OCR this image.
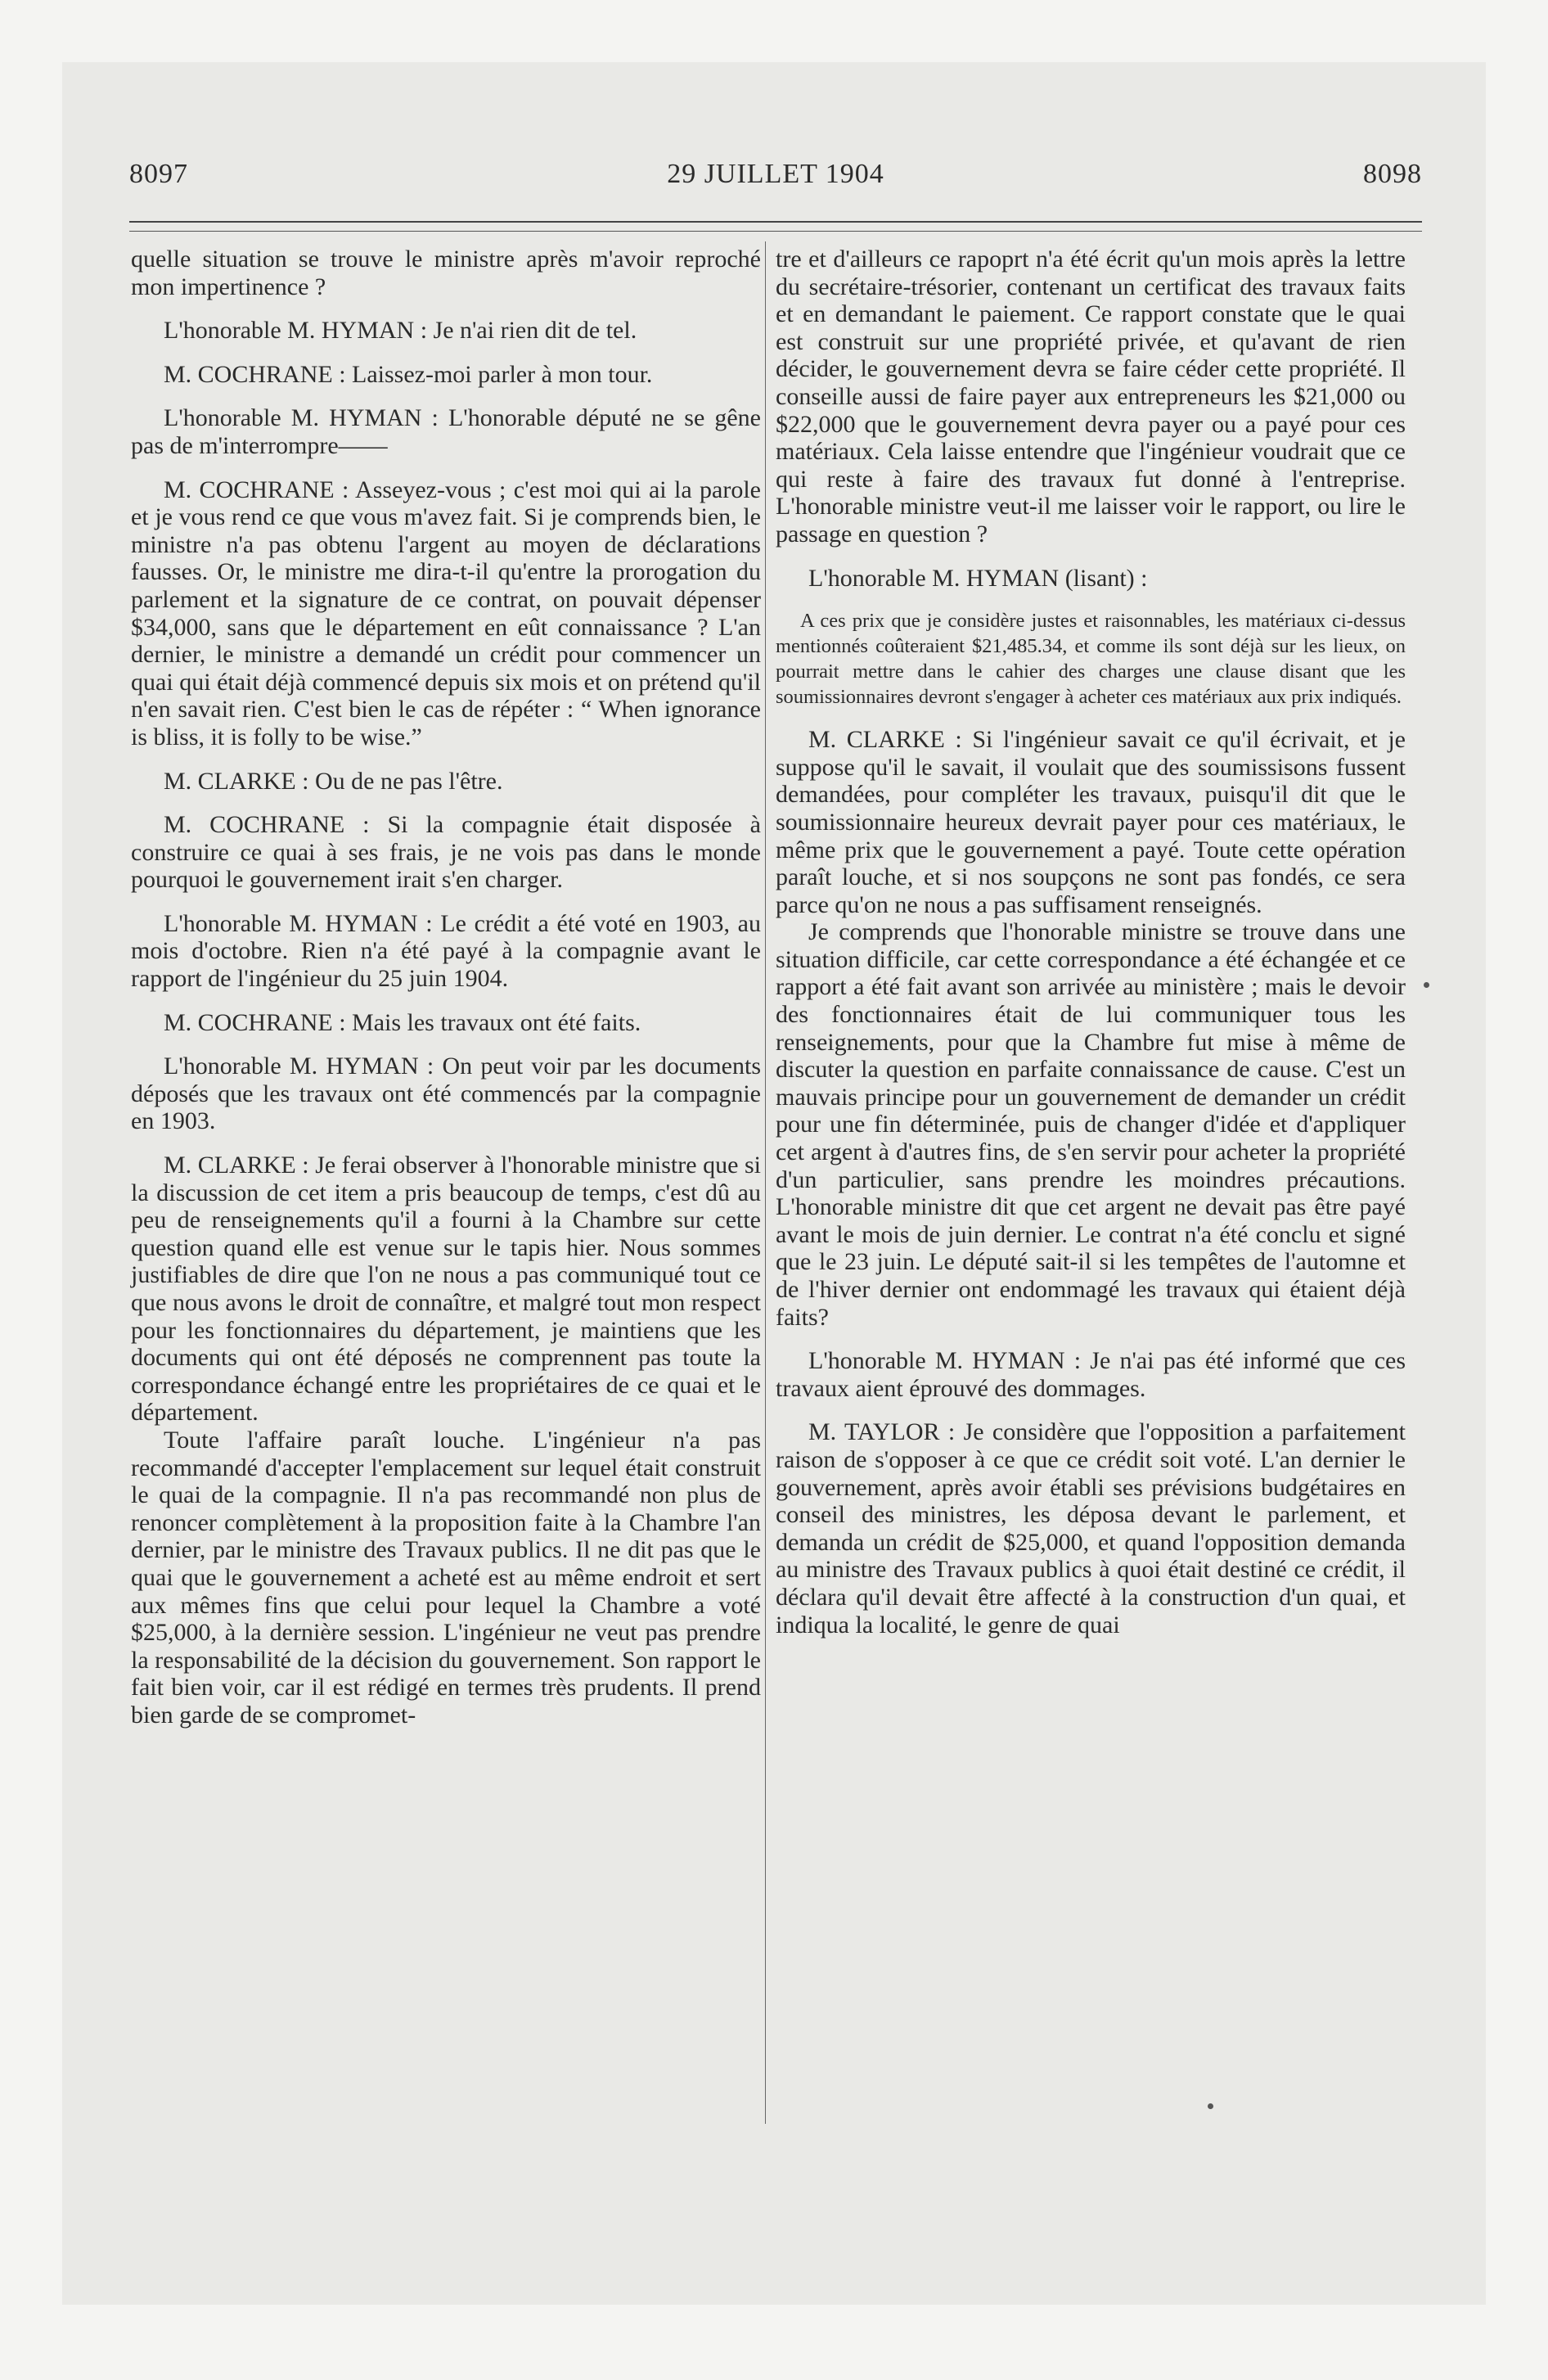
8097	29 JUILLET 1904	8098

quelle situation se trouve le ministre après m'avoir reproché mon impertinence ?

L'honorable M. HYMAN : Je n'ai rien dit de tel.

M. COCHRANE : Laissez-moi parler à mon tour.

L'honorable M. HYMAN : L'honorable député ne se gêne pas de m'interrompre——

M. COCHRANE : Asseyez-vous ; c'est moi qui ai la parole et je vous rend ce que vous m'avez fait. Si je comprends bien, le ministre n'a pas obtenu l'argent au moyen de déclarations fausses. Or, le ministre me dira-t-il qu'entre la prorogation du parlement et la signature de ce contrat, on pouvait dépenser $34,000, sans que le département en eût connaissance ? L'an dernier, le ministre a demandé un crédit pour commencer un quai qui était déjà commencé depuis six mois et on prétend qu'il n'en savait rien. C'est bien le cas de répéter : “ When ignorance is bliss, it is folly to be wise.”

M. CLARKE : Ou de ne pas l'être.

M. COCHRANE : Si la compagnie était disposée à construire ce quai à ses frais, je ne vois pas dans le monde pourquoi le gouvernement irait s'en charger.

L'honorable M. HYMAN : Le crédit a été voté en 1903, au mois d'octobre. Rien n'a été payé à la compagnie avant le rapport de l'ingénieur du 25 juin 1904.

M. COCHRANE : Mais les travaux ont été faits.

L'honorable M. HYMAN : On peut voir par les documents déposés que les travaux ont été commencés par la compagnie en 1903.

M. CLARKE : Je ferai observer à l'honorable ministre que si la discussion de cet item a pris beaucoup de temps, c'est dû au peu de renseignements qu'il a fourni à la Chambre sur cette question quand elle est venue sur le tapis hier. Nous sommes justifiables de dire que l'on ne nous a pas communiqué tout ce que nous avons le droit de connaître, et malgré tout mon respect pour les fonctionnaires du département, je maintiens que les documents qui ont été déposés ne comprennent pas toute la correspondance échangé entre les propriétaires de ce quai et le département.

Toute l'affaire paraît louche. L'ingénieur n'a pas recommandé d'accepter l'emplacement sur lequel était construit le quai de la compagnie. Il n'a pas recommandé non plus de renoncer complètement à la proposition faite à la Chambre l'an dernier, par le ministre des Travaux publics. Il ne dit pas que le quai que le gouvernement a acheté est au même endroit et sert aux mêmes fins que celui pour lequel la Chambre a voté $25,000, à la dernière session. L'ingénieur ne veut pas prendre la responsabilité de la décision du gouvernement. Son rapport le fait bien voir, car il est rédigé en termes très prudents. Il prend bien garde de se compromet-

tre et d'ailleurs ce rapoprt n'a été écrit qu'un mois après la lettre du secrétaire-trésorier, contenant un certificat des travaux faits et en demandant le paiement. Ce rapport constate que le quai est construit sur une propriété privée, et qu'avant de rien décider, le gouvernement devra se faire céder cette propriété. Il conseille aussi de faire payer aux entrepreneurs les $21,000 ou $22,000 que le gouvernement devra payer ou a payé pour ces matériaux. Cela laisse entendre que l'ingénieur voudrait que ce qui reste à faire des travaux fut donné à l'entreprise. L'honorable ministre veut-il me laisser voir le rapport, ou lire le passage en question ?

L'honorable M. HYMAN (lisant) :

A ces prix que je considère justes et raisonnables, les matériaux ci-dessus mentionnés coûteraient $21,485.34, et comme ils sont déjà sur les lieux, on pourrait mettre dans le cahier des charges une clause disant que les soumissionnaires devront s'engager à acheter ces matériaux aux prix indiqués.

M. CLARKE : Si l'ingénieur savait ce qu'il écrivait, et je suppose qu'il le savait, il voulait que des soumissisons fussent demandées, pour compléter les travaux, puisqu'il dit que le soumissionnaire heureux devrait payer pour ces matériaux, le même prix que le gouvernement a payé. Toute cette opération paraît louche, et si nos soupçons ne sont pas fondés, ce sera parce qu'on ne nous a pas suffisament renseignés.

Je comprends que l'honorable ministre se trouve dans une situation difficile, car cette correspondance a été échangée et ce rapport a été fait avant son arrivée au ministère ; mais le devoir des fonctionnaires était de lui communiquer tous les renseignements, pour que la Chambre fut mise à même de discuter la question en parfaite connaissance de cause. C'est un mauvais principe pour un gouvernement de demander un crédit pour une fin déterminée, puis de changer d'idée et d'appliquer cet argent à d'autres fins, de s'en servir pour acheter la propriété d'un particulier, sans prendre les moindres précautions. L'honorable ministre dit que cet argent ne devait pas être payé avant le mois de juin dernier. Le contrat n'a été conclu et signé que le 23 juin. Le député sait-il si les tempêtes de l'automne et de l'hiver dernier ont endommagé les travaux qui étaient déjà faits?

L'honorable M. HYMAN : Je n'ai pas été informé que ces travaux aient éprouvé des dommages.

M. TAYLOR : Je considère que l'opposition a parfaitement raison de s'opposer à ce que ce crédit soit voté. L'an dernier le gouvernement, après avoir établi ses prévisions budgétaires en conseil des ministres, les déposa devant le parlement, et demanda un crédit de $25,000, et quand l'opposition demanda au ministre des Travaux publics à quoi était destiné ce crédit, il déclara qu'il devait être affecté à la construction d'un quai, et indiqua la localité, le genre de quai
